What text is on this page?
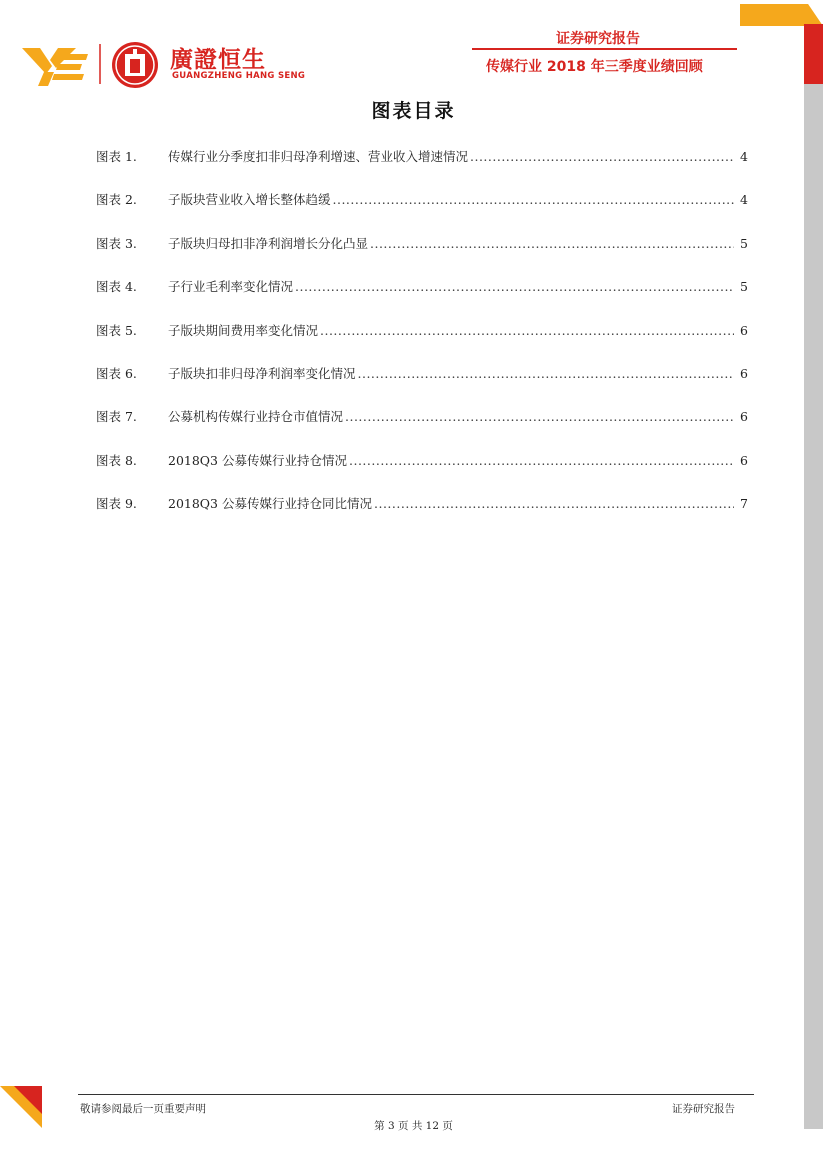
廣證恒生
GUANGZHENG HANG SENG
证券研究报告
传媒行业 2018 年三季度业绩回顾
图表目录
图表 1.	传媒行业分季度扣非归母净利增速、营业收入增速情况 .....	4
图表 2.	子版块营业收入增长整体趋缓 .....	4
图表 3.	子版块归母扣非净利润增长分化凸显 .....	5
图表 4.	子行业毛利率变化情况 .....	5
图表 5.	子版块期间费用率变化情况 .....	6
图表 6.	子版块扣非归母净利润率变化情况 .....	6
图表 7.	公募机构传媒行业持仓市值情况 .....	6
图表 8.	2018Q3 公募传媒行业持仓情况 .....	6
图表 9.	2018Q3 公募传媒行业持仓同比情况 .....	7
敬请参阅最后一页重要声明	证券研究报告
第 3 页 共 12 页
